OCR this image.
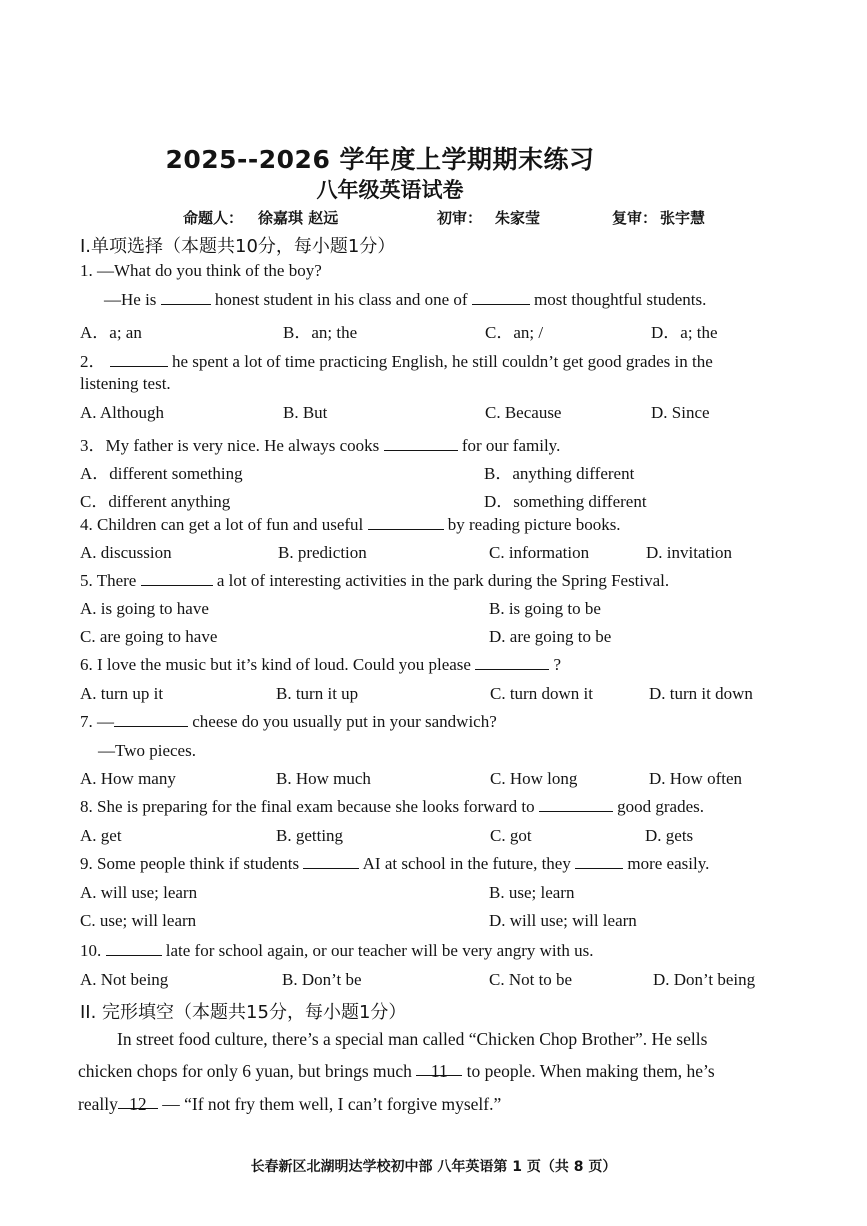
2025--2026 学年度上学期期末练习
八年级英语试卷
命题人： 徐嘉琪 赵远	初审： 朱家莹	复审： 张宇慧
I.单项选择（本题共10分，每小题1分）
1. —What do you think of the boy?
—He is	honest student in his class and one of	most thoughtful students.
A．a; an	B．an; the	C．an; /	D．a; the
2．	he spent a lot of time practicing English, he still couldn’t get good grades in the
listening test.
A. Although	B. But	C. Because	D. Since
3．My father is very nice. He always cooks	for our family.
A．different something	B．anything different
C．different anything	D．something different
4. Children can get a lot of fun and useful	by reading picture books.
A. discussion	B. prediction	C. information	D. invitation
5. There	a lot of interesting activities in the park during the Spring Festival.
A. is going to have	B. is going to be
C. are going to have	D. are going to be
6. I love the music but it’s kind of loud. Could you please	?
A. turn up it	B. turn it up	C. turn down it	D. turn it down
7. —	cheese do you usually put in your sandwich?
—Two pieces.
A. How many	B. How much	C. How long	D. How often
8. She is preparing for the final exam because she looks forward to	good grades.
A. get	B. getting	C. got	D. gets
9. Some people think if students	AI at school in the future, they	more easily.
A. will use; learn	B. use; learn
C. use; will learn	D. will use; will learn
10.	late for school again, or our teacher will be very angry with us.
A. Not being	B. Don’t be	C. Not to be	D. Don’t being
II. 完形填空（本题共15分，每小题1分）
In street food culture, there’s a special man called “Chicken Chop Brother”. He sells
chicken chops for only 6 yuan, but brings much 11 to people. When making them, he’s
really 12 — “If not fry them well, I can’t forgive myself.”
长春新区北湖明达学校初中部 八年英语第 1 页（共 8 页）
